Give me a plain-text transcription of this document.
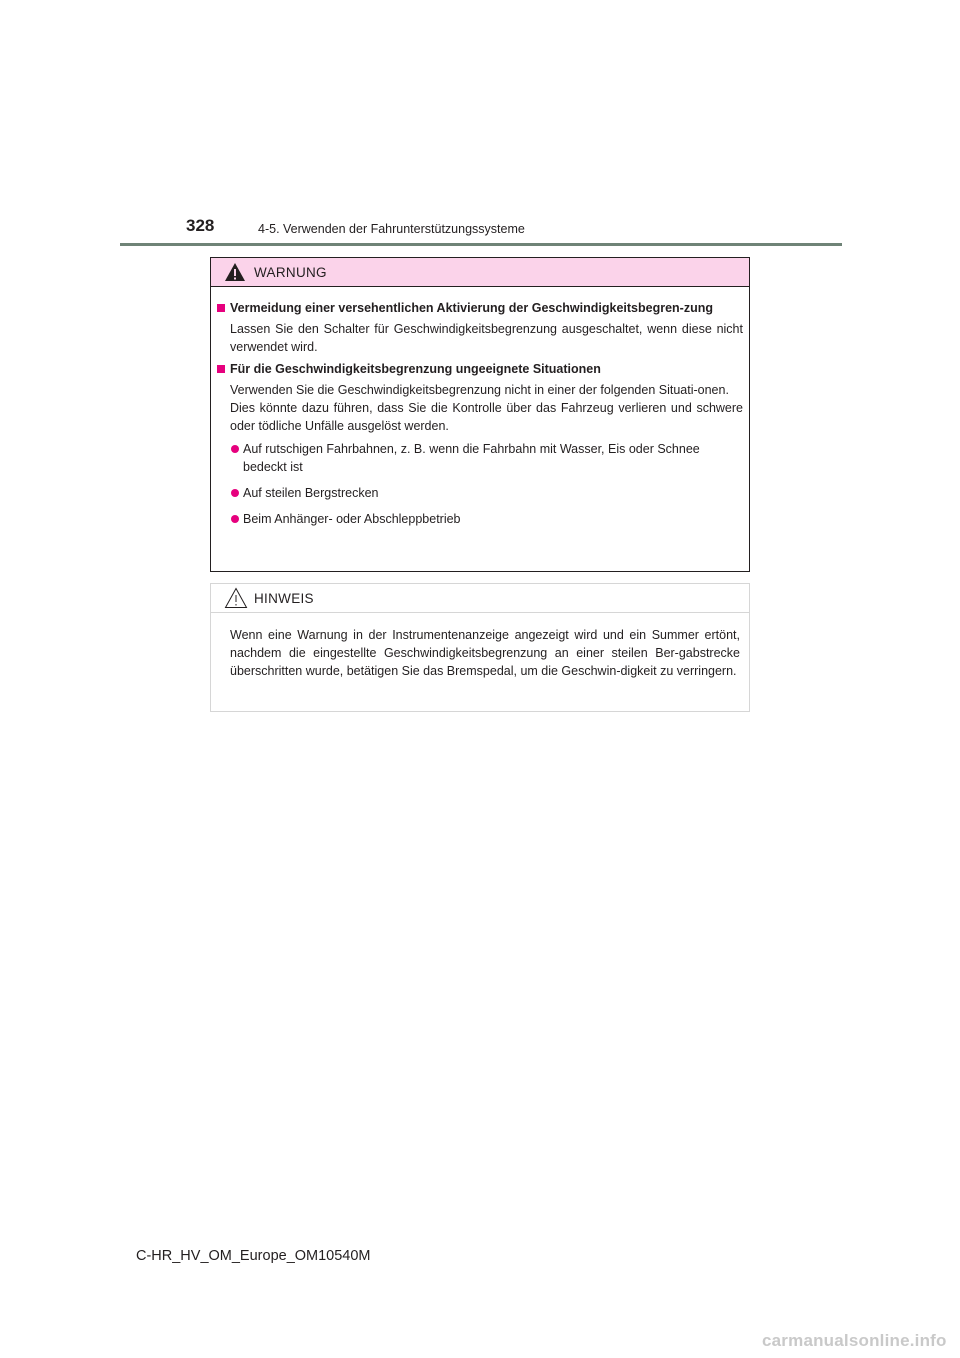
328	4-5. Verwenden der Fahrunterstützungssysteme
WARNUNG
Vermeidung einer versehentlichen Aktivierung der Geschwindigkeitsbegren-zung
Lassen Sie den Schalter für Geschwindigkeitsbegrenzung ausgeschaltet, wenn diese nicht verwendet wird.
Für die Geschwindigkeitsbegrenzung ungeeignete Situationen
Verwenden Sie die Geschwindigkeitsbegrenzung nicht in einer der folgenden Situati-onen.
Dies könnte dazu führen, dass Sie die Kontrolle über das Fahrzeug verlieren und schwere oder tödliche Unfälle ausgelöst werden.
Auf rutschigen Fahrbahnen, z. B. wenn die Fahrbahn mit Wasser, Eis oder Schnee bedeckt ist
Auf steilen Bergstrecken
Beim Anhänger- oder Abschleppbetrieb
HINWEIS
Wenn eine Warnung in der Instrumentenanzeige angezeigt wird und ein Summer ertönt, nachdem die eingestellte Geschwindigkeitsbegrenzung an einer steilen Ber-gabstrecke überschritten wurde, betätigen Sie das Bremspedal, um die Geschwin-digkeit zu verringern.
C-HR_HV_OM_Europe_OM10540M
carmanualsonline.info
